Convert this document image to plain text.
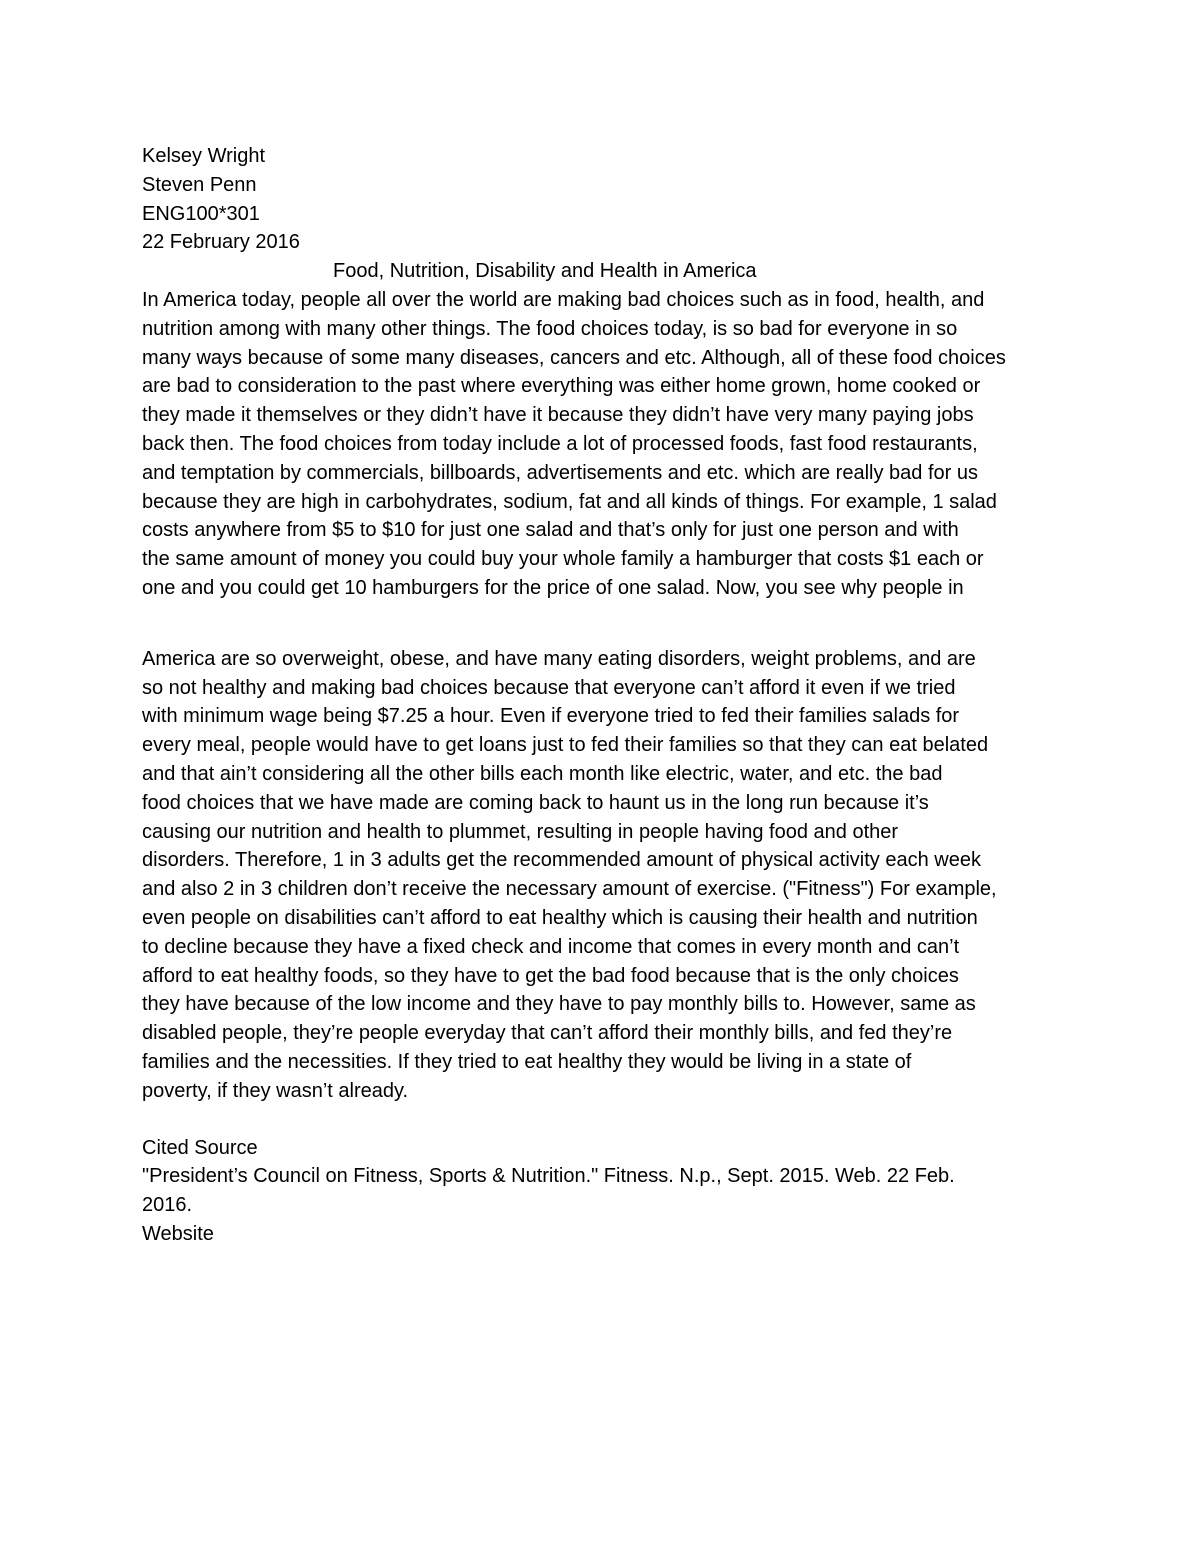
Kelsey Wright
Steven Penn
ENG100*301
22 February 2016
Food, Nutrition, Disability and Health in America
In America today, people all over the world are making bad choices such as in food, health, and
nutrition among with many other things. The food choices today, is so bad for everyone in so
many ways because of some many diseases, cancers and etc. Although, all of these food choices
are bad to consideration to the past where everything was either home grown, home cooked or
they made it themselves or they didn’t have it because they didn’t have very many paying jobs
back then. The food choices from today include a lot of processed foods, fast food restaurants,
and temptation by commercials, billboards, advertisements and etc. which are really bad for us
because they are high in carbohydrates, sodium, fat and all kinds of things. For example, 1 salad
costs anywhere from $5 to $10 for just one salad and that’s only for just one person and with
the same amount of money you could buy your whole family a hamburger that costs $1 each or
one and you could get 10 hamburgers for the price of one salad. Now, you see why people in
America are so overweight, obese, and have many eating disorders, weight problems, and are
so not healthy and making bad choices because that everyone can’t afford it even if we tried
with minimum wage being $7.25 a hour. Even if everyone tried to fed their families salads for
every meal, people would have to get loans just to fed their families so that they can eat belated
and that ain’t considering all the other bills each month like electric, water, and etc. the bad
food choices that we have made are coming back to haunt us in the long run because it’s
causing our nutrition and health to plummet, resulting in people having food and other
disorders. Therefore, 1 in 3 adults get the recommended amount of physical activity each week
and also 2 in 3 children don’t receive the necessary amount of exercise. ("Fitness") For example,
even people on disabilities can’t afford to eat healthy which is causing their health and nutrition
to decline because they have a fixed check and income that comes in every month and can’t
afford to eat healthy foods, so they have to get the bad food because that is the only choices
they have because of the low income and they have to pay monthly bills to. However, same as
disabled people, they’re people everyday that can’t afford their monthly bills, and fed they’re
families and the necessities. If they tried to eat healthy they would be living in a state of
poverty, if they wasn’t already.
Cited Source
"President’s Council on Fitness, Sports & Nutrition." Fitness. N.p., Sept. 2015. Web. 22 Feb.
2016.
Website
